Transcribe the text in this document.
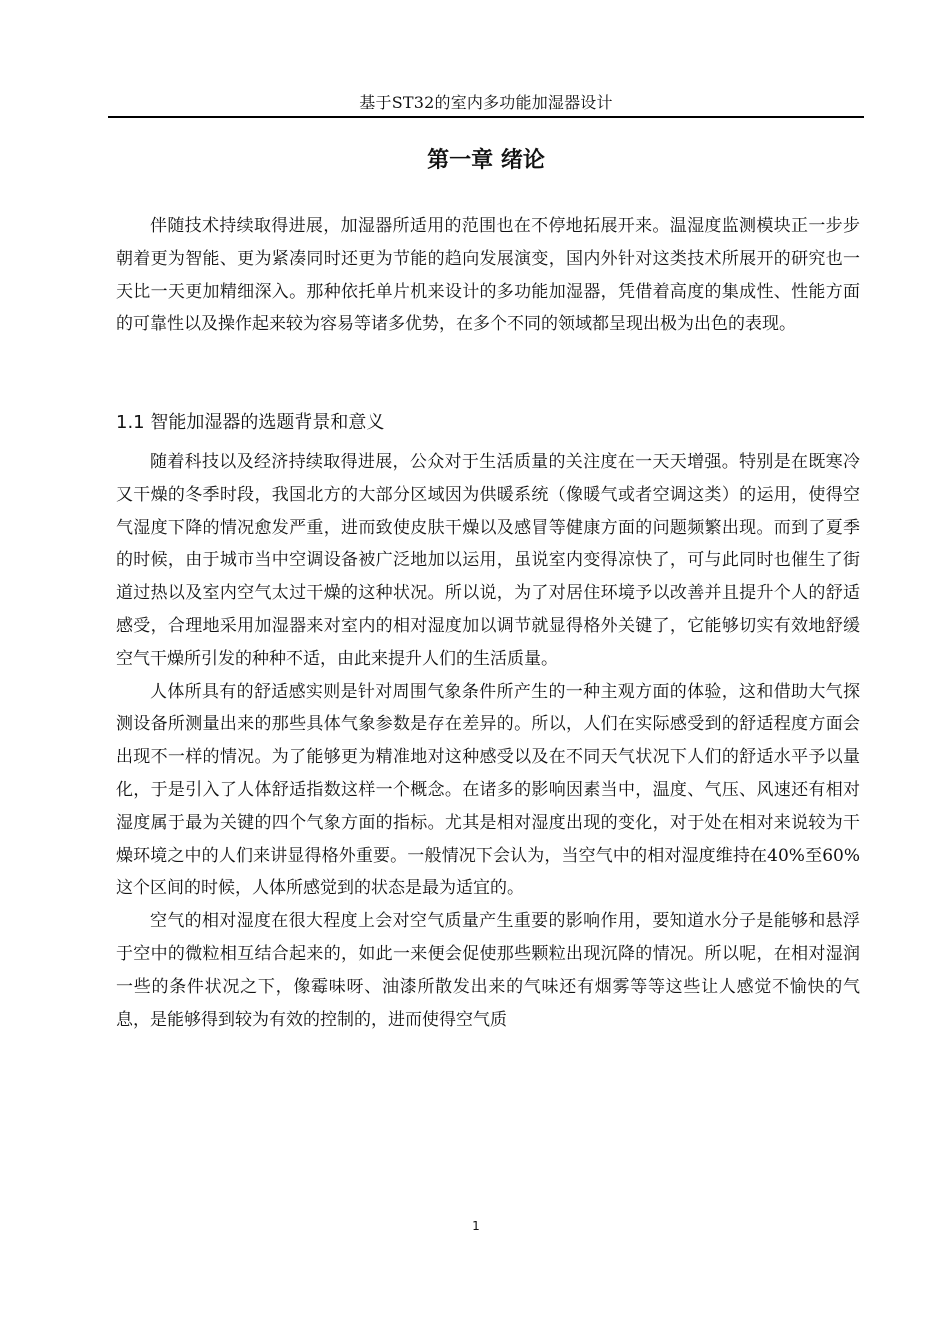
基于ST32的室内多功能加湿器设计
第一章 绪论

伴随技术持续取得进展，加湿器所适用的范围也在不停地拓展开来。温湿度监测模块正一步步朝着更为智能、更为紧凑同时还更为节能的趋向发展演变，国内外针对这类技术所展开的研究也一天比一天更加精细深入。那种依托单片机来设计的多功能加湿器，凭借着高度的集成性、性能方面的可靠性以及操作起来较为容易等诸多优势，在多个不同的领域都呈现出极为出色的表现。

1.1 智能加湿器的选题背景和意义

随着科技以及经济持续取得进展，公众对于生活质量的关注度在一天天增强。特别是在既寒冷又干燥的冬季时段，我国北方的大部分区域因为供暖系统（像暖气或者空调这类）的运用，使得空气湿度下降的情况愈发严重，进而致使皮肤干燥以及感冒等健康方面的问题频繁出现。而到了夏季的时候，由于城市当中空调设备被广泛地加以运用，虽说室内变得凉快了，可与此同时也催生了街道过热以及室内空气太过干燥的这种状况。所以说，为了对居住环境予以改善并且提升个人的舒适感受，合理地采用加湿器来对室内的相对湿度加以调节就显得格外关键了，它能够切实有效地舒缓空气干燥所引发的种种不适，由此来提升人们的生活质量。

人体所具有的舒适感实则是针对周围气象条件所产生的一种主观方面的体验，这和借助大气探测设备所测量出来的那些具体气象参数是存在差异的。所以，人们在实际感受到的舒适程度方面会出现不一样的情况。为了能够更为精准地对这种感受以及在不同天气状况下人们的舒适水平予以量化，于是引入了人体舒适指数这样一个概念。在诸多的影响因素当中，温度、气压、风速还有相对湿度属于最为关键的四个气象方面的指标。尤其是相对湿度出现的变化，对于处在相对来说较为干燥环境之中的人们来讲显得格外重要。一般情况下会认为，当空气中的相对湿度维持在40%至60%这个区间的时候，人体所感觉到的状态是最为适宜的。

空气的相对湿度在很大程度上会对空气质量产生重要的影响作用，要知道水分子是能够和悬浮于空中的微粒相互结合起来的，如此一来便会促使那些颗粒出现沉降的情况。所以呢，在相对湿润一些的条件状况之下，像霉味呀、油漆所散发出来的气味还有烟雾等等这些让人感觉不愉快的气息，是能够得到较为有效的控制的，进而使得空气质

1
